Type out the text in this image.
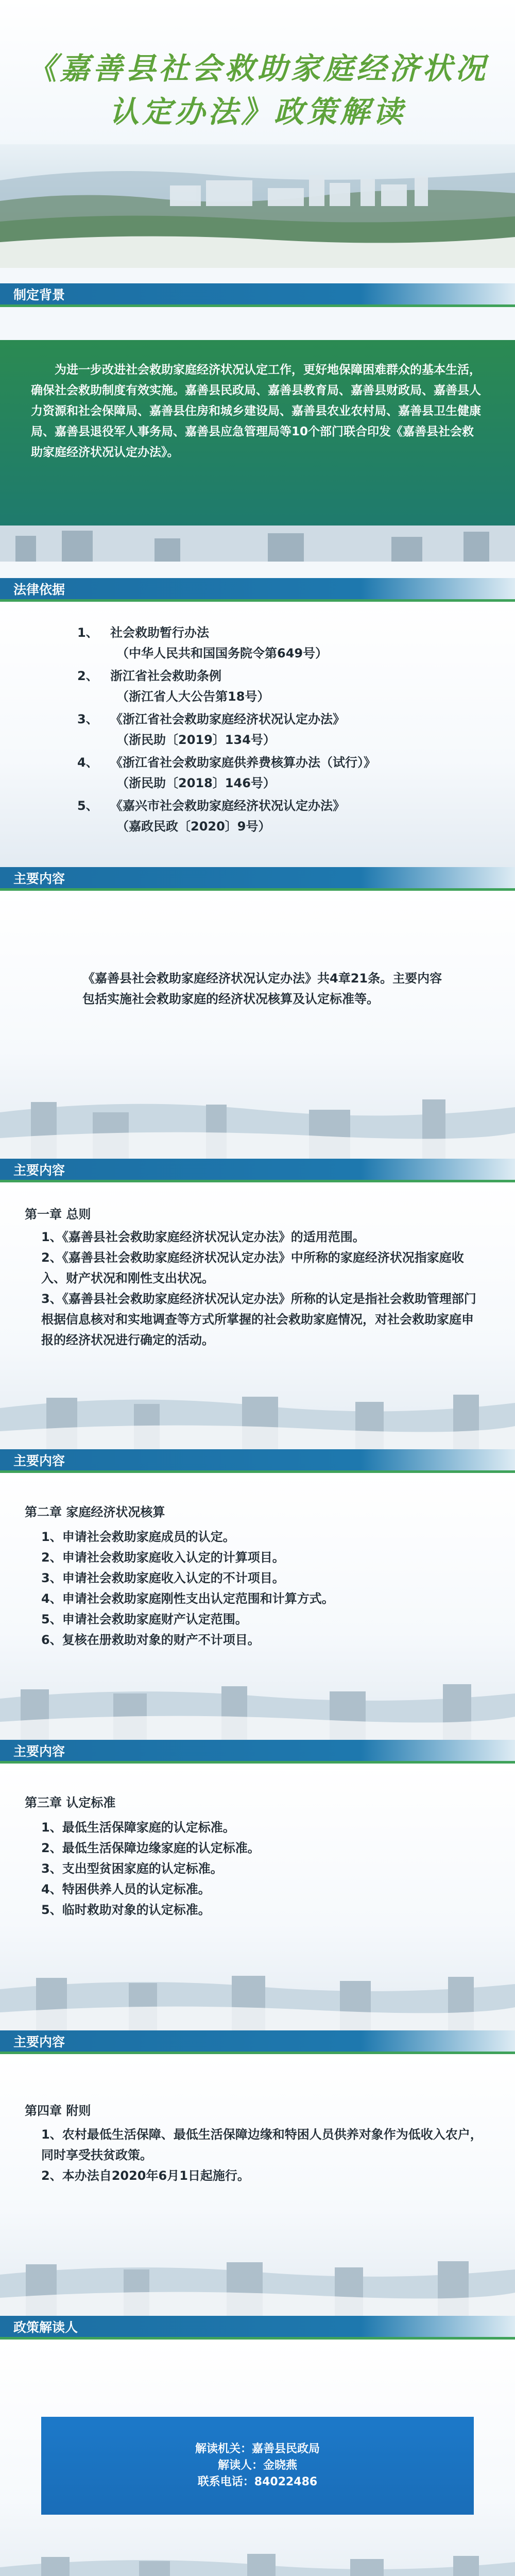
《嘉善县社会救助家庭经济状况
认定办法》政策解读
制定背景

为进一步改进社会救助家庭经济状况认定工作，更好地保障困难群众的基本生活，确保社会救助制度有效实施。嘉善县民政局、嘉善县教育局、嘉善县财政局、嘉善县人力资源和社会保障局、嘉善县住房和城乡建设局、嘉善县农业农村局、嘉善县卫生健康局、嘉善县退役军人事务局、嘉善县应急管理局等10个部门联合印发《嘉善县社会救助家庭经济状况认定办法》。

法律依据
1、 社会救助暂行办法
（中华人民共和国国务院令第649号）
2、 浙江省社会救助条例
（浙江省人大公告第18号）
3、 《浙江省社会救助家庭经济状况认定办法》
（浙民助〔2019〕134号）
4、 《浙江省社会救助家庭供养费核算办法（试行）》
（浙民助〔2018〕146号）
5、 《嘉兴市社会救助家庭经济状况认定办法》
（嘉政民政〔2020〕9号）
主要内容
《嘉善县社会救助家庭经济状况认定办法》共4章21条。主要内容包括实施社会救助家庭的经济状况核算及认定标准等。
主要内容
第一章 总则
1、《嘉善县社会救助家庭经济状况认定办法》的适用范围。
2、《嘉善县社会救助家庭经济状况认定办法》中所称的家庭经济状况指家庭收入、财产状况和刚性支出状况。
3、《嘉善县社会救助家庭经济状况认定办法》所称的认定是指社会救助管理部门根据信息核对和实地调查等方式所掌握的社会救助家庭情况，对社会救助家庭申报的经济状况进行确定的活动。
主要内容
第二章 家庭经济状况核算
1、申请社会救助家庭成员的认定。
2、申请社会救助家庭收入认定的计算项目。
3、申请社会救助家庭收入认定的不计项目。
4、申请社会救助家庭刚性支出认定范围和计算方式。
5、申请社会救助家庭财产认定范围。
6、复核在册救助对象的财产不计项目。
主要内容
第三章 认定标准
1、最低生活保障家庭的认定标准。
2、最低生活保障边缘家庭的认定标准。
3、支出型贫困家庭的认定标准。
4、特困供养人员的认定标准。
5、临时救助对象的认定标准。
主要内容
第四章 附则
1、农村最低生活保障、最低生活保障边缘和特困人员供养对象作为低收入农户，同时享受扶贫政策。
2、本办法自2020年6月1日起施行。
政策解读人
解读机关：嘉善县民政局
解读人：金晓燕
联系电话：84022486
